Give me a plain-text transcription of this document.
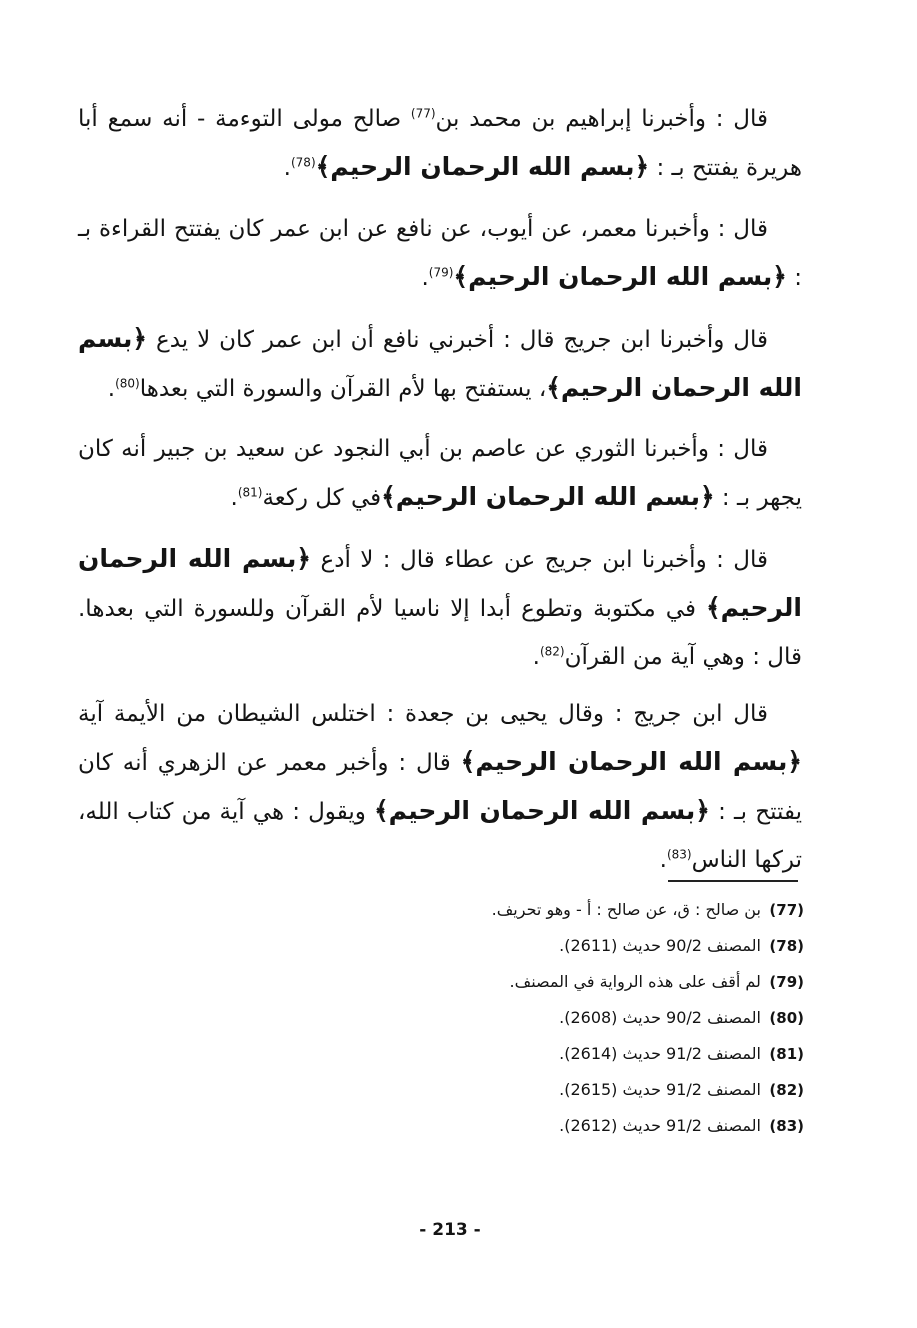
قال : وأخبرنا إبراهيم بن محمد بن$^{(77)}$ صالح مولى التوءمة - أنه سمع أبا هريرة يفتتح بـ : ﴿بسم الله الرحمان الرحيم﴾$^{(78)}$.

قال : وأخبرنا معمر، عن أيوب، عن نافع عن ابن عمر كان يفتتح القراءة بـ : ﴿بسم الله الرحمان الرحيم﴾$^{(79)}$.

قال وأخبرنا ابن جريج قال : أخبرني نافع أن ابن عمر كان لا يدع ﴿بسم الله الرحمان الرحيم﴾، يستفتح بها لأم القرآن والسورة التي بعدها$^{(80)}$.

قال : وأخبرنا الثوري عن عاصم بن أبي النجود عن سعيد بن جبير أنه كان يجهر بـ : ﴿بسم الله الرحمان الرحيم﴾في كل ركعة$^{(81)}$.

قال : وأخبرنا ابن جريج عن عطاء قال : لا أدع ﴿بسم الله الرحمان الرحيم﴾ في مكتوبة وتطوع أبدا إلا ناسيا لأم القرآن وللسورة التي بعدها. قال : وهي آية من القرآن$^{(82)}$.

قال ابن جريج : وقال يحيى بن جعدة : اختلس الشيطان من الأيمة آية ﴿بسم الله الرحمان الرحيم﴾ قال : وأخبر معمر عن الزهري أنه كان يفتتح بـ : ﴿بسم الله الرحمان الرحيم﴾ ويقول : هي آية من كتاب الله، تركها الناس$^{(83)}$.

(77) بن صالح : ق، عن صالح : أ - وهو تحريف.
(78) المصنف 90/2 حديث (2611).
(79) لم أقف على هذه الرواية في المصنف.
(80) المصنف 90/2 حديث (2608).
(81) المصنف 91/2 حديث (2614).
(82) المصنف 91/2 حديث (2615).
(83) المصنف 91/2 حديث (2612).
- 213 -
